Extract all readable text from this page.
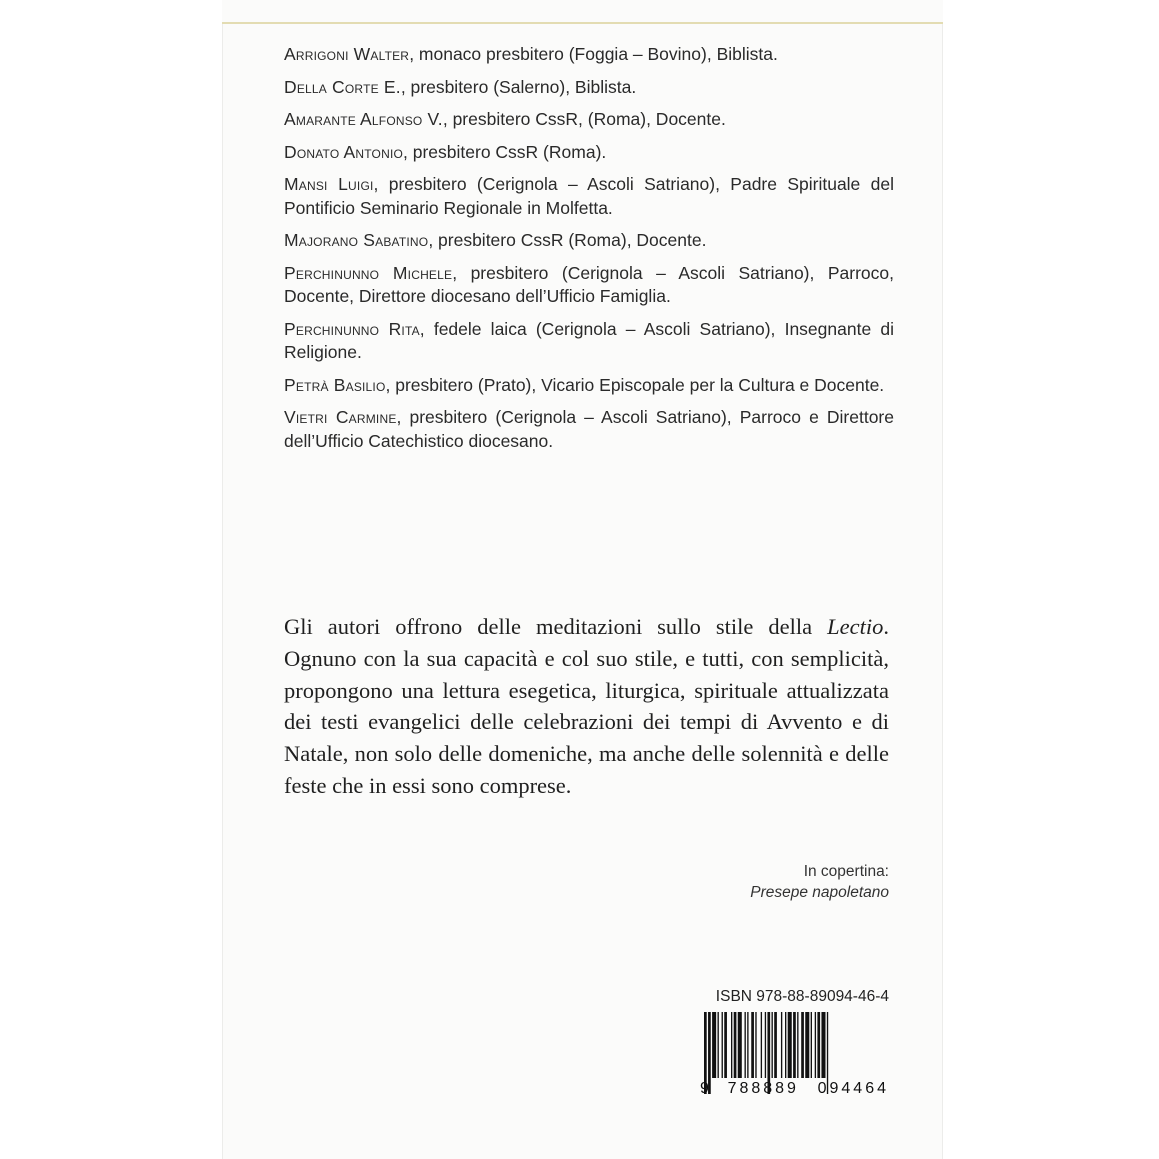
Arrigoni Walter, monaco presbitero (Foggia – Bovino), Biblista.

Della Corte E., presbitero (Salerno), Biblista.

Amarante Alfonso V., presbitero CssR, (Roma), Docente.

Donato Antonio, presbitero CssR (Roma).

Mansi Luigi, presbitero (Cerignola – Ascoli Satriano), Padre Spirituale del Pontificio Seminario Regionale in Molfetta.

Majorano Sabatino, presbitero CssR (Roma), Docente.

Perchinunno Michele, presbitero (Cerignola – Ascoli Satriano), Parroco, Docente, Direttore diocesano dell’Ufficio Famiglia.

Perchinunno Rita, fedele laica (Cerignola – Ascoli Satriano), Insegnante di Religione.

Petrà Basilio, presbitero (Prato), Vicario Episcopale per la Cultura e Docente.

Vietri Carmine, presbitero (Cerignola – Ascoli Satriano), Parroco e Direttore dell’Ufficio Catechistico diocesano.

Gli autori offrono delle meditazioni sullo stile della Lectio. Ognuno con la sua capacità e col suo stile, e tutti, con semplicità, propongono una lettura esegetica, liturgica, spirituale attualizzata dei testi evangelici delle celebrazioni dei tempi di Avvento e di Natale, non solo delle domeniche, ma anche delle solennità e delle feste che in essi sono comprese.
In copertina:
Presepe napoletano
ISBN 978-88-89094-46-4
9 788889 094464
